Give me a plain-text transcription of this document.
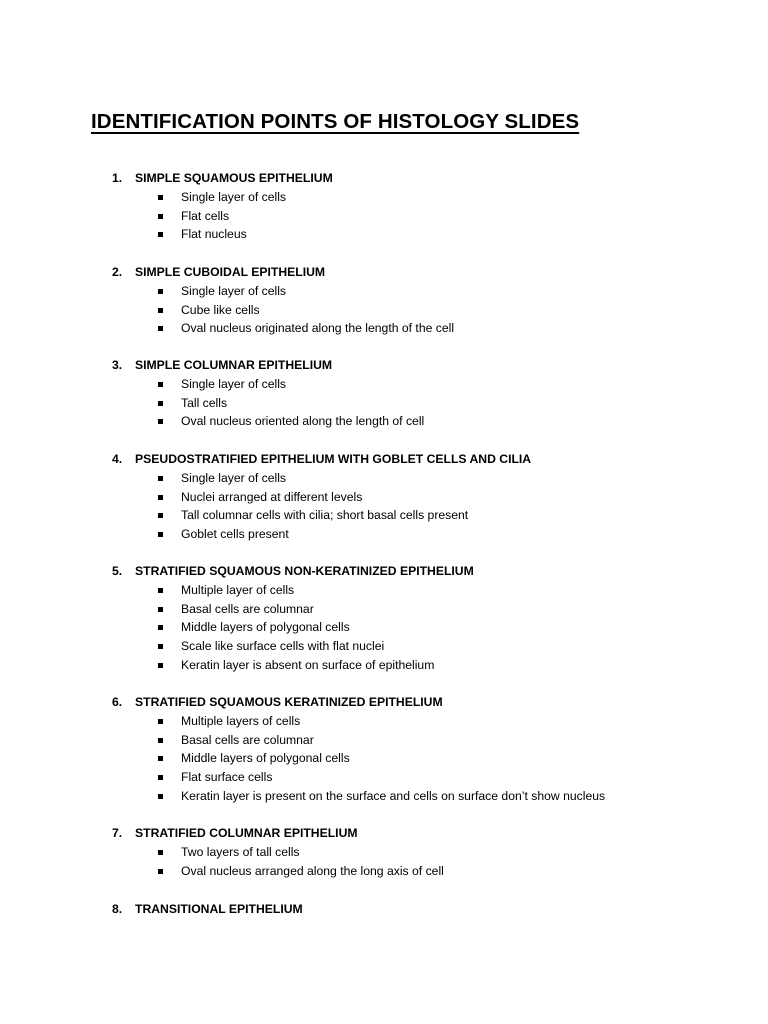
IDENTIFICATION POINTS OF HISTOLOGY SLIDES
1. SIMPLE SQUAMOUS EPITHELIUM
Single layer of cells
Flat cells
Flat nucleus
2. SIMPLE CUBOIDAL EPITHELIUM
Single layer of cells
Cube like cells
Oval nucleus originated along the length of the cell
3. SIMPLE COLUMNAR EPITHELIUM
Single layer of cells
Tall cells
Oval nucleus oriented along the length of cell
4. PSEUDOSTRATIFIED EPITHELIUM WITH GOBLET CELLS AND CILIA
Single layer of cells
Nuclei arranged at different levels
Tall columnar cells with cilia; short basal cells present
Goblet cells present
5. STRATIFIED SQUAMOUS NON-KERATINIZED EPITHELIUM
Multiple layer of cells
Basal cells are columnar
Middle layers of polygonal cells
Scale like surface cells with flat nuclei
Keratin layer is absent on surface of epithelium
6. STRATIFIED SQUAMOUS KERATINIZED EPITHELIUM
Multiple layers of cells
Basal cells are columnar
Middle layers of polygonal cells
Flat surface cells
Keratin layer is present on the surface and cells on surface don’t show nucleus
7. STRATIFIED COLUMNAR EPITHELIUM
Two layers of tall cells
Oval nucleus arranged along the long axis of cell
8. TRANSITIONAL EPITHELIUM
